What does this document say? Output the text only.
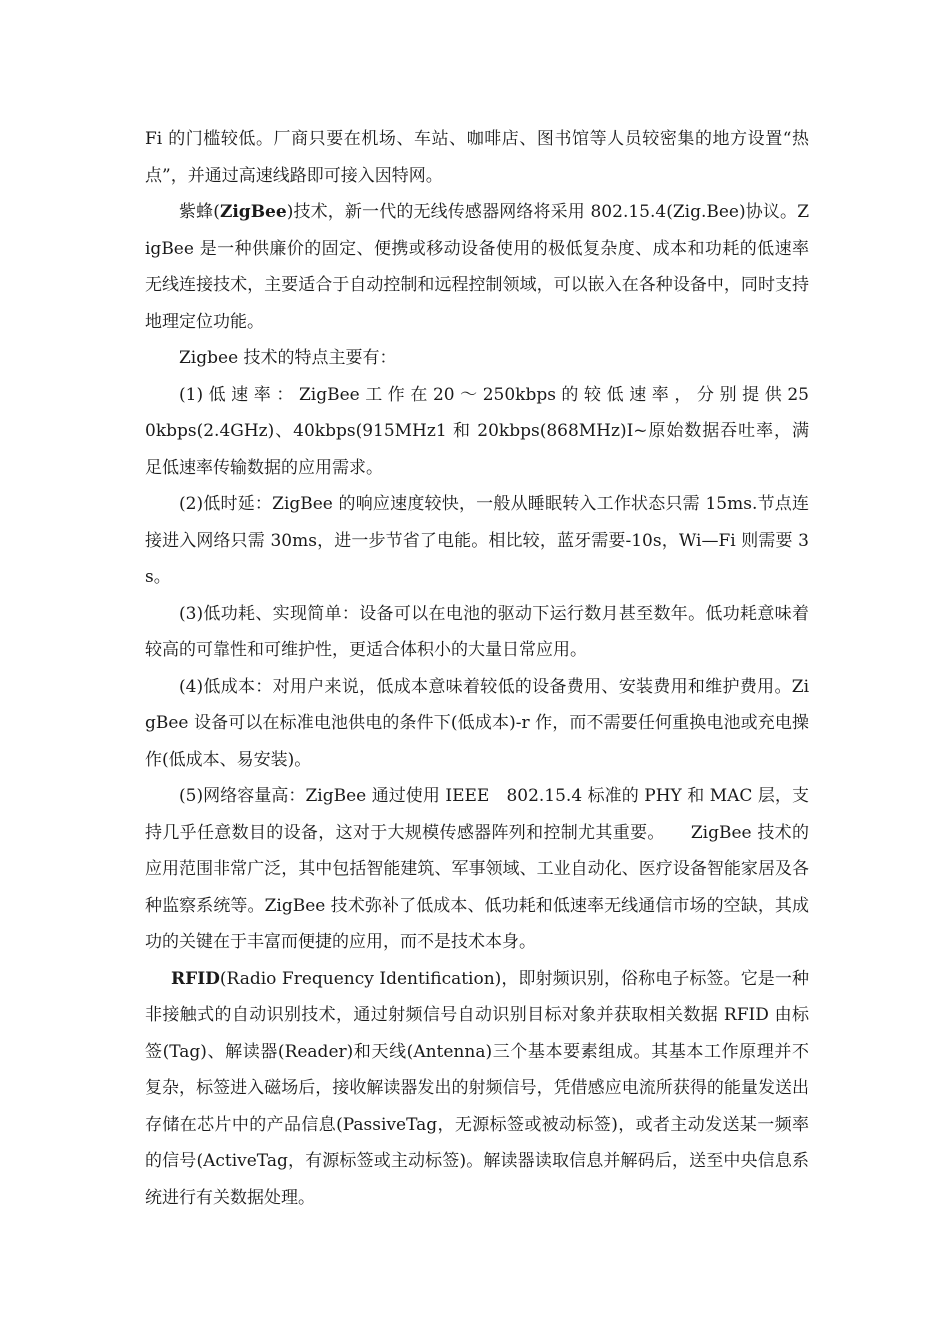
Fi 的门槛较低。厂商只要在机场、车站、咖啡店、图书馆等人员较密集的地方设置“热点”，并通过高速线路即可接入因特网。

紫蜂(ZigBee)技术，新一代的无线传感器网络将采用 802.15.4(Zig.Bee)协议。ZigBee 是一种供廉价的固定、便携或移动设备使用的极低复杂度、成本和功耗的低速率无线连接技术，主要适合于自动控制和远程控制领域，可以嵌入在各种设备中，同时支持地理定位功能。

Zigbee 技术的特点主要有：

(1) 低 速 率 ： ZigBee 工 作 在 20 ～ 250kbps 的 较 低 速 率 ， 分 别 提 供 250kbps(2.4GHz)、40kbps(915MHz1 和 20kbps(868MHz)I~原始数据吞吐率，满足低速率传输数据的应用需求。

(2)低时延：ZigBee 的响应速度较快，一般从睡眠转入工作状态只需 15ms.节点连接进入网络只需 30ms，进一步节省了电能。相比较，蓝牙需要-10s，Wi—Fi 则需要 3s。

(3)低功耗、实现简单：设备可以在电池的驱动下运行数月甚至数年。低功耗意味着较高的可靠性和可维护性，更适合体积小的大量日常应用。

(4)低成本：对用户来说，低成本意味着较低的设备费用、安装费用和维护费用。ZigBee 设备可以在标准电池供电的条件下(低成本)-r 作，而不需要任何重换电池或充电操作(低成本、易安装)。

(5)网络容量高：ZigBee 通过使用 IEEE　802.15.4 标准的 PHY 和 MAC 层，支持几乎任意数目的设备，这对于大规模传感器阵列和控制尤其重要。　　ZigBee 技术的应用范围非常广泛，其中包括智能建筑、军事领域、工业自动化、医疗设备智能家居及各种监察系统等。ZigBee 技术弥补了低成本、低功耗和低速率无线通信市场的空缺，其成功的关键在于丰富而便捷的应用，而不是技术本身。

RFID(Radio Frequency Identification)，即射频识别，俗称电子标签。它是一种非接触式的自动识别技术，通过射频信号自动识别目标对象并获取相关数据 RFID 由标签(Tag)、解读器(Reader)和天线(Antenna)三个基本要素组成。其基本工作原理并不复杂，标签进入磁场后，接收解读器发出的射频信号，凭借感应电流所获得的能量发送出存储在芯片中的产品信息(PassiveTag，无源标签或被动标签)，或者主动发送某一频率的信号(ActiveTag，有源标签或主动标签)。解读器读取信息并解码后，送至中央信息系统进行有关数据处理。
